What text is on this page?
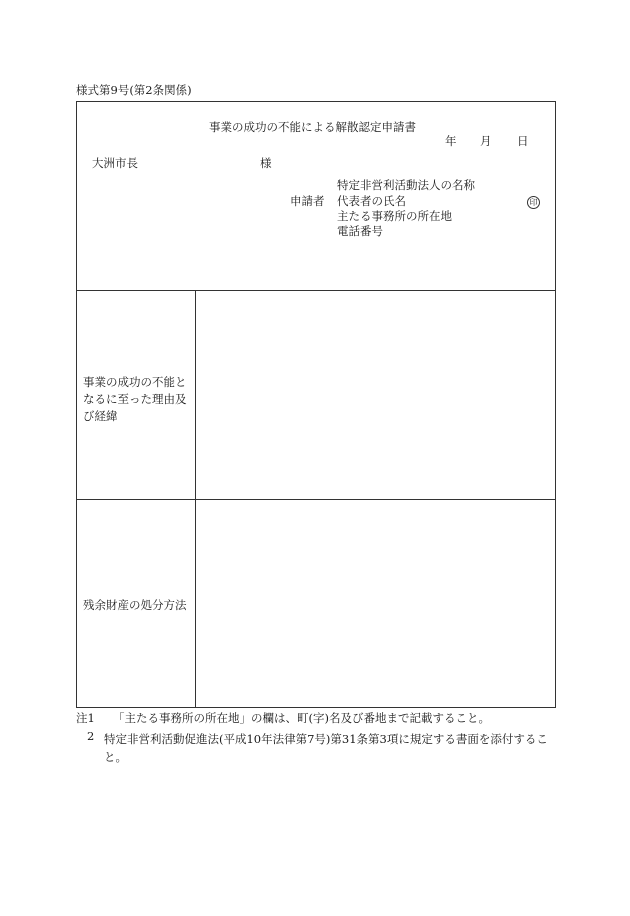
様式第9号(第2条関係)
事業の成功の不能による解散認定申請書
年 月 日
大洲市長	様
申請者
特定非営利活動法人の名称
代表者の氏名
主たる事務所の所在地
電話番号
印
事業の成功の不能となるに至った理由及び経緯
残余財産の処分方法
注1 「主たる事務所の所在地」の欄は、町(字)名及び番地まで記載すること。
2 特定非営利活動促進法(平成10年法律第7号)第31条第3項に規定する書面を添付すること。
